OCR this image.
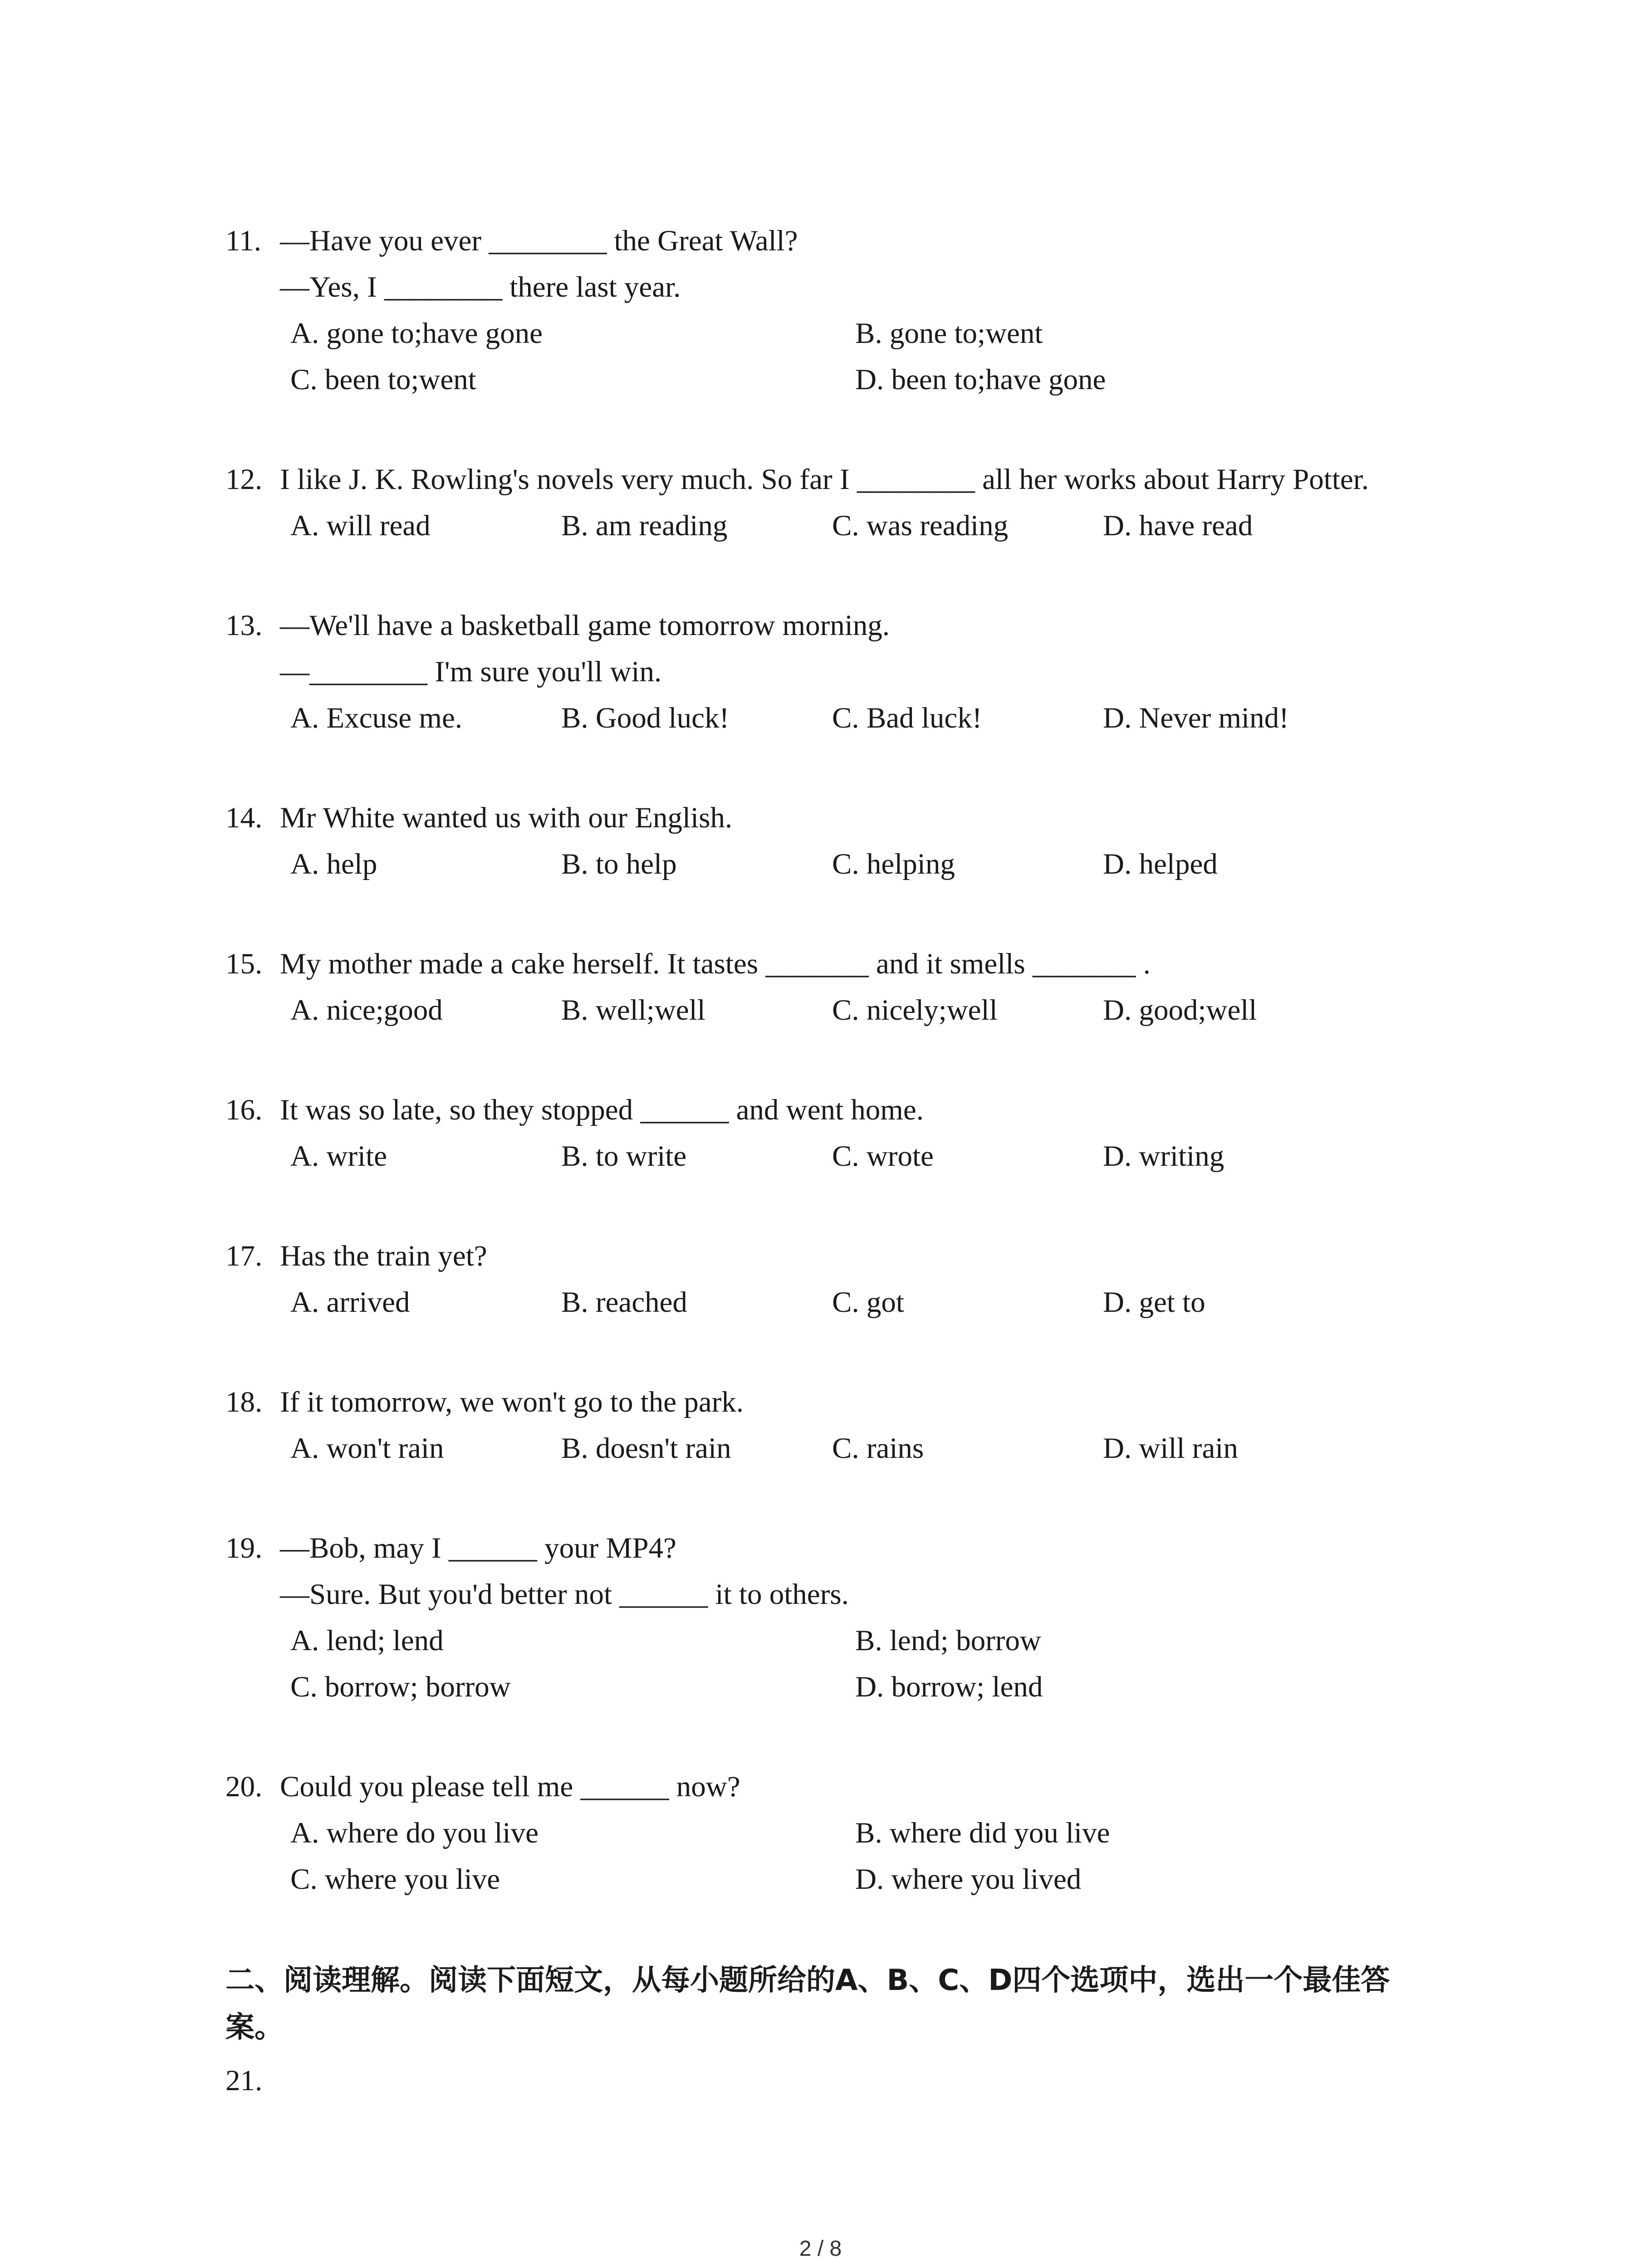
11. —Have you ever ________ the Great Wall?
—Yes, I ________ there last year.
A. gone to;have gone	B. gone to;went
C. been to;went	D. been to;have gone
12. I like J. K. Rowling's novels very much. So far I ________ all her works about Harry Potter.
A. will read	B. am reading	C. was reading	D. have read
13. —We'll have a basketball game tomorrow morning.
—________ I'm sure you'll win.
A. Excuse me.	B. Good luck!	C. Bad luck!	D. Never mind!
14. Mr White wanted us with our English.
A. help	B. to help	C. helping	D. helped
15. My mother made a cake herself. It tastes _______ and it smells _______ .
A. nice;good	B. well;well	C. nicely;well	D. good;well
16. It was so late, so they stopped ______ and went home.
A. write	B. to write	C. wrote	D. writing
17. Has the train yet?
A. arrived	B. reached	C. got	D. get to
18. If it tomorrow, we won't go to the park.
A. won't rain	B. doesn't rain	C. rains	D. will rain
19. —Bob, may I ______ your MP4?
—Sure. But you'd better not ______ it to others.
A. lend; lend	B. lend; borrow
C. borrow; borrow	D. borrow; lend
20. Could you please tell me ______ now?
A. where do you live	B. where did you live
C. where you live	D. where you lived
二、阅读理解。阅读下面短文，从每小题所给的A、B、C、D四个选项中，选出一个最佳答案。
21.
2 / 8
